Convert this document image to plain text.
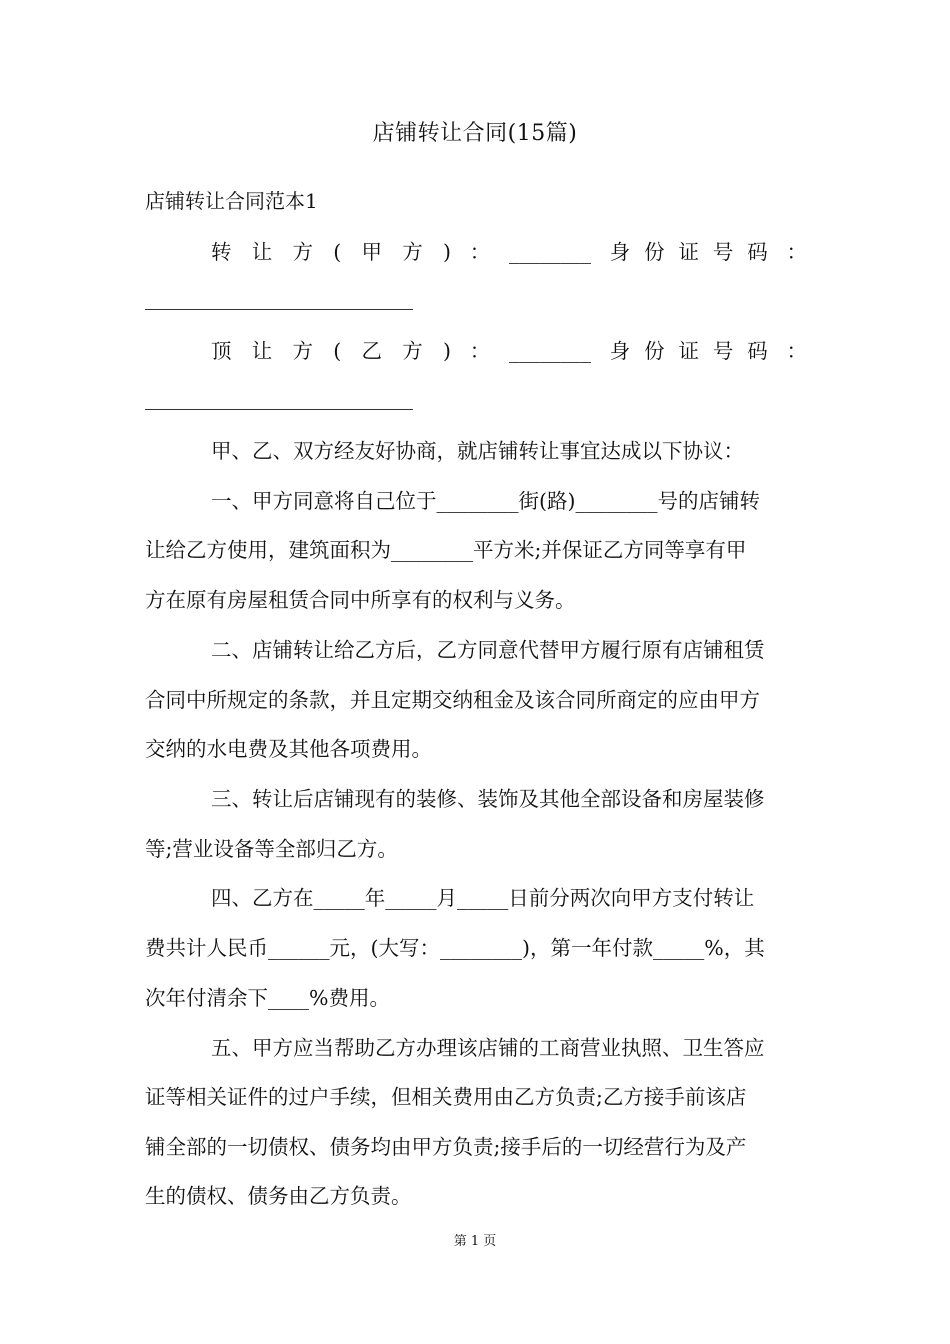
店铺转让合同(15篇)
店铺转让合同范本1
转 让 方 ( 甲 方 ) ： ________ 身 份 证 号 码 ：
顶 让 方 ( 乙 方 ) ： ________ 身 份 证 号 码 ：
甲、乙、双方经友好协商，就店铺转让事宜达成以下协议：
一、甲方同意将自己位于________街(路)________号的店铺转
让给乙方使用，建筑面积为________平方米;并保证乙方同等享有甲
方在原有房屋租赁合同中所享有的权利与义务。
二、店铺转让给乙方后，乙方同意代替甲方履行原有店铺租赁
合同中所规定的条款，并且定期交纳租金及该合同所商定的应由甲方
交纳的水电费及其他各项费用。
三、转让后店铺现有的装修、装饰及其他全部设备和房屋装修
等;营业设备等全部归乙方。
四、乙方在_____年_____月_____日前分两次向甲方支付转让
费共计人民币______元，(大写：________)，第一年付款_____%，其
次年付清余下____%费用。
五、甲方应当帮助乙方办理该店铺的工商营业执照、卫生答应
证等相关证件的过户手续，但相关费用由乙方负责;乙方接手前该店
铺全部的一切债权、债务均由甲方负责;接手后的一切经营行为及产
生的债权、债务由乙方负责。
第 1 页
